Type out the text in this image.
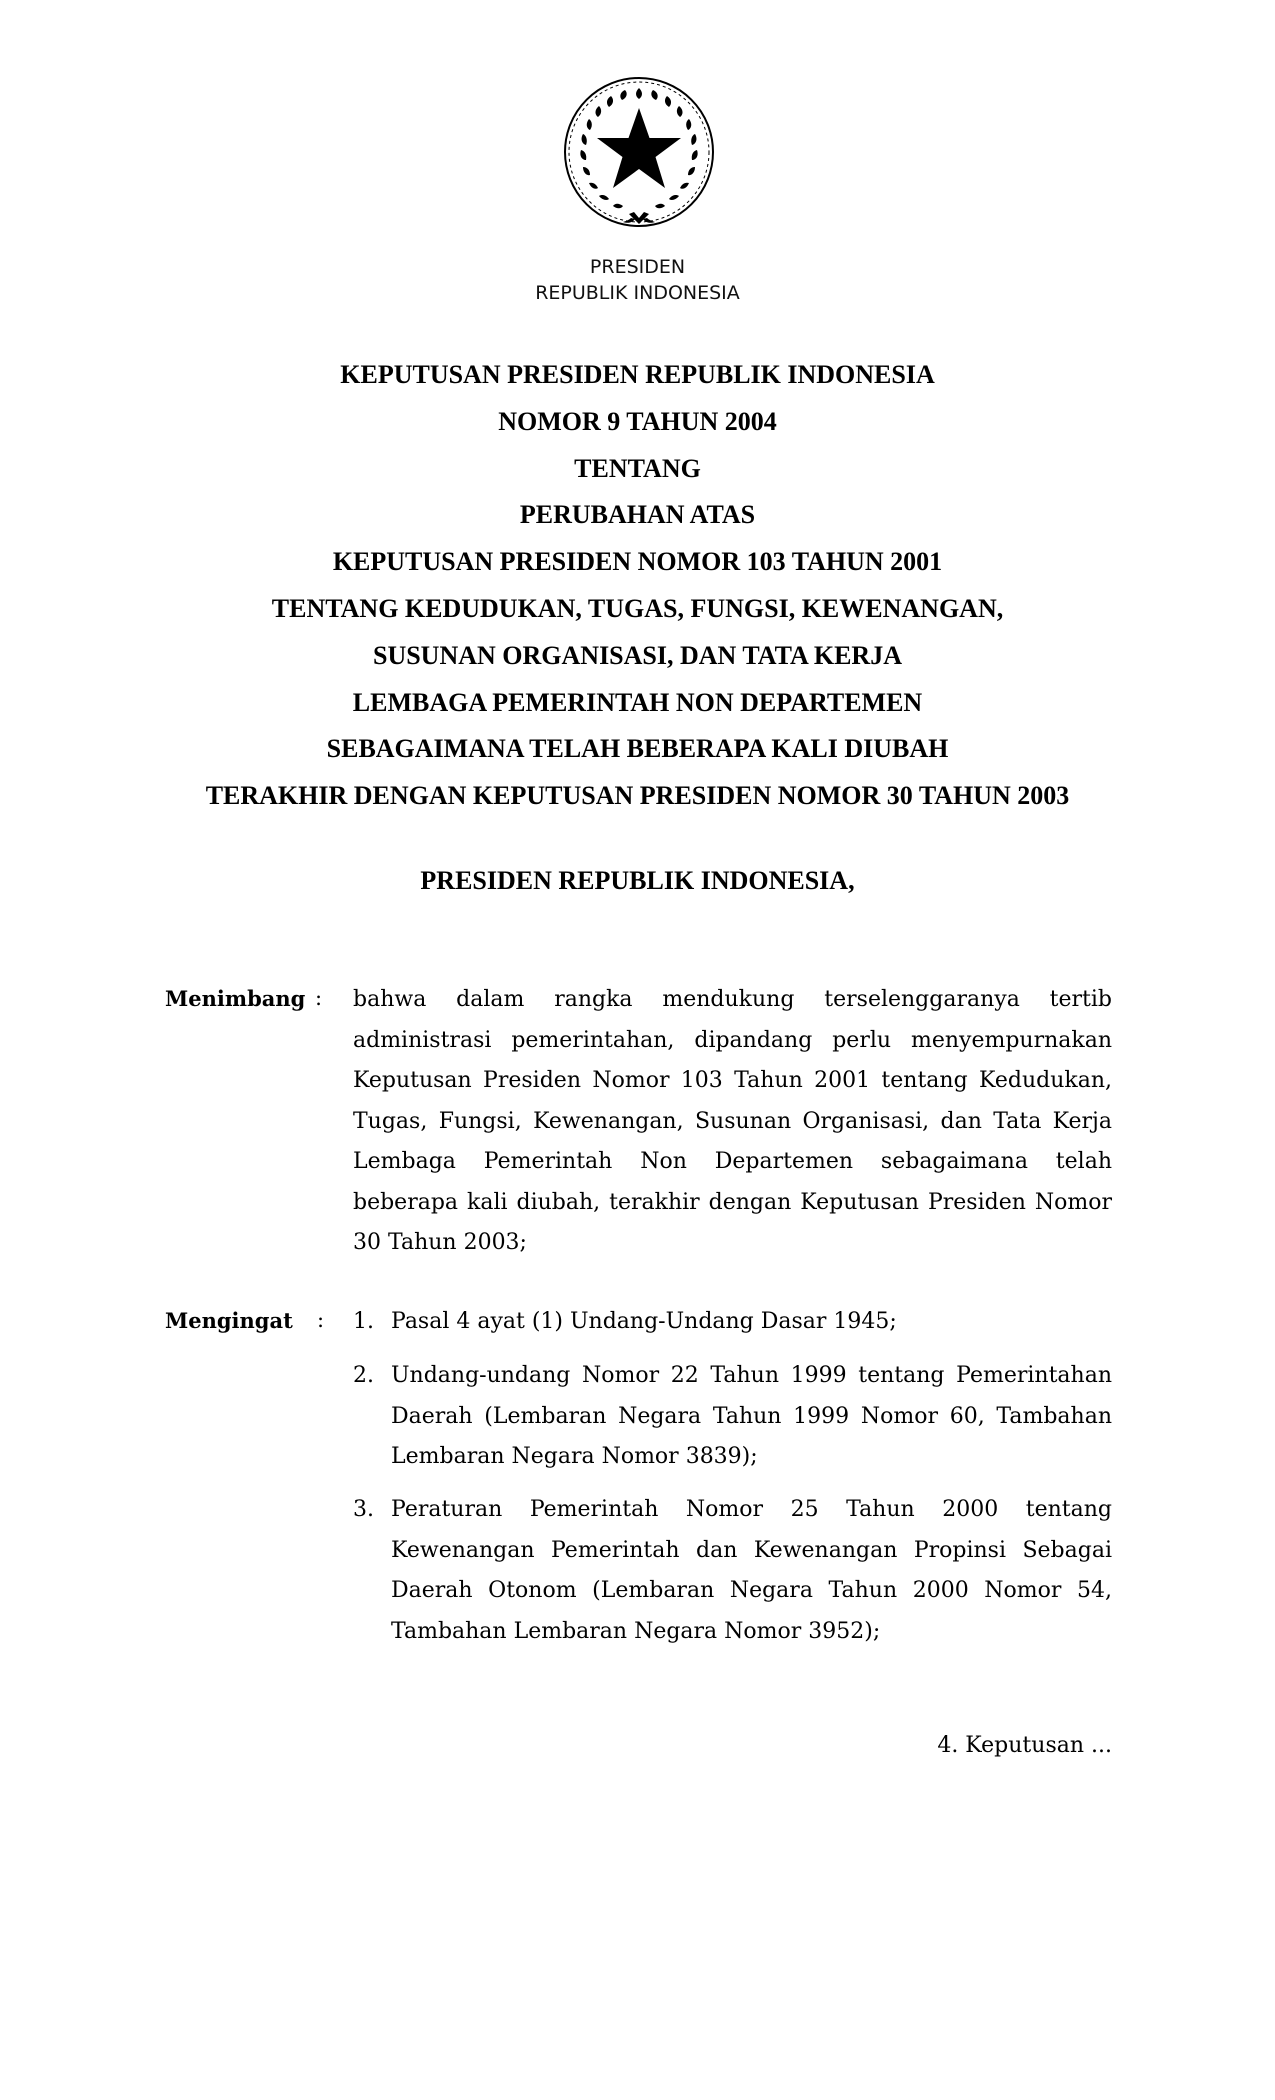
PRESIDEN
REPUBLIK INDONESIA
KEPUTUSAN PRESIDEN REPUBLIK INDONESIA
NOMOR 9 TAHUN 2004
TENTANG
PERUBAHAN ATAS
KEPUTUSAN PRESIDEN NOMOR 103 TAHUN 2001
TENTANG KEDUDUKAN, TUGAS, FUNGSI, KEWENANGAN,
SUSUNAN ORGANISASI, DAN TATA KERJA
LEMBAGA PEMERINTAH NON DEPARTEMEN
SEBAGAIMANA TELAH BEBERAPA KALI DIUBAH
TERAKHIR DENGAN KEPUTUSAN PRESIDEN NOMOR 30 TAHUN 2003
PRESIDEN REPUBLIK INDONESIA,
Menimbang : bahwa dalam rangka mendukung terselenggaranya tertib administrasi pemerintahan, dipandang perlu menyempurnakan Keputusan Presiden Nomor 103 Tahun 2001 tentang Kedudukan, Tugas, Fungsi, Kewenangan, Susunan Organisasi, dan Tata Kerja Lembaga Pemerintah Non Departemen sebagaimana telah beberapa kali diubah, terakhir dengan Keputusan Presiden Nomor 30 Tahun 2003;
Mengingat : 1. Pasal 4 ayat (1) Undang-Undang Dasar 1945;
2. Undang-undang Nomor 22 Tahun 1999 tentang Pemerintahan Daerah (Lembaran Negara Tahun 1999 Nomor 60, Tambahan Lembaran Negara Nomor 3839);
3. Peraturan Pemerintah Nomor 25 Tahun 2000 tentang Kewenangan Pemerintah dan Kewenangan Propinsi Sebagai Daerah Otonom (Lembaran Negara Tahun 2000 Nomor 54, Tambahan Lembaran Negara Nomor 3952);
4. Keputusan ...
